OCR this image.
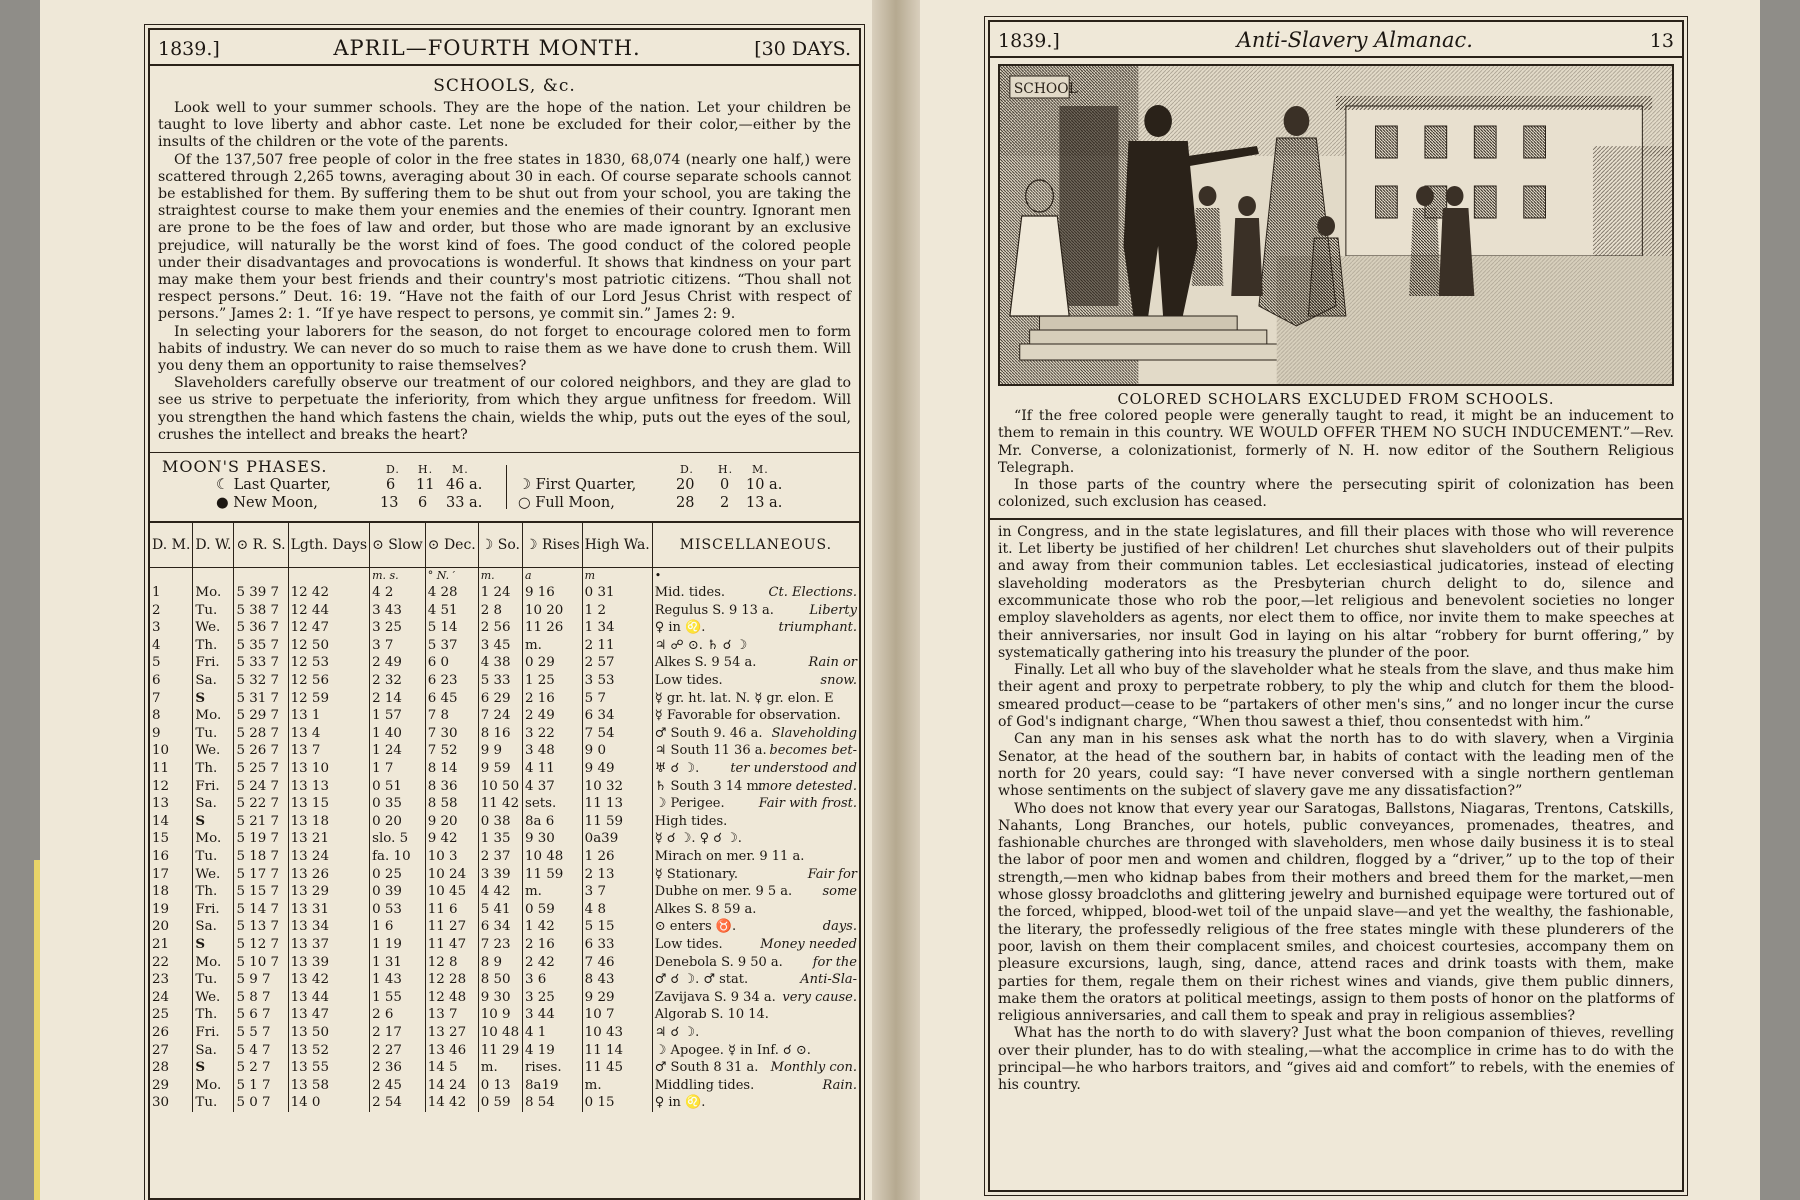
1839.]	APRIL—FOURTH MONTH.	[30 DAYS.
SCHOOLS, &c.

Look well to your summer schools. They are the hope of the nation. Let your children be taught to love liberty and abhor caste. Let none be excluded for their color,—either by the insults of the children or the vote of the parents.

Of the 137,507 free people of color in the free states in 1830, 68,074 (nearly one half,) were scattered through 2,265 towns, averaging about 30 in each. Of course separate schools cannot be established for them. By suffering them to be shut out from your school, you are taking the straightest course to make them your enemies and the enemies of their country. Ignorant men are prone to be the foes of law and order, but those who are made ignorant by an exclusive prejudice, will naturally be the worst kind of foes. The good conduct of the colored people under their disadvantages and provocations is wonderful. It shows that kindness on your part may make them your best friends and their country's most patriotic citizens. “Thou shall not respect persons.” Deut. 16: 19. “Have not the faith of our Lord Jesus Christ with respect of persons.” James 2: 1. “If ye have respect to persons, ye commit sin.” James 2: 9.

In selecting your laborers for the season, do not forget to encourage colored men to form habits of industry. We can never do so much to raise them as we have done to crush them. Will you deny them an opportunity to raise themselves?

Slaveholders carefully observe our treatment of our colored neighbors, and they are glad to see us strive to perpetuate the inferiority, from which they argue unfitness for freedom. Will you strengthen the hand which fastens the chain, wields the whip, puts out the eyes of the soul, crushes the intellect and breaks the heart?

MOON'S PHASES.	D. H. M.	D. H. M.
☾ Last Quarter,	6 11 46 a.
● New Moon,	13 6 33 a.
☽ First Quarter,	20 0 10 a.
○ Full Moon,	28 2 13 a.
D. M.	D. W.	⊙ R. S.	Lgth. Days	⊙ Slow	⊙ Dec.	☽ So.	☽ Rises	High Wa.	MISCELLANEOUS.
				m. s.	° N. ′	m.	a	m	•
1	Mo.	5 39 7	12 42	4 2	4 28	1 24	9 16	0 31	Ct. Elections.
Mid. tides.
2	Tu.	5 38 7	12 44	3 43	4 51	2 8	10 20	1 2	Liberty
Regulus S. 9 13 a.
3	We.	5 36 7	12 47	3 25	5 14	2 56	11 26	1 34	triumphant.
♀ in ♌.
4	Th.	5 35 7	12 50	3 7	5 37	3 45	m.	2 11	♃ ☍ ⊙. ♄ ☌ ☽
5	Fri.	5 33 7	12 53	2 49	6 0	4 38	0 29	2 57	Rain or
Alkes S. 9 54 a.
6	Sa.	5 32 7	12 56	2 32	6 23	5 33	1 25	3 53	snow.
Low tides.
7	S	5 31 7	12 59	2 14	6 45	6 29	2 16	5 7	☿ gr. ht. lat. N. ☿ gr. elon. E
8	Mo.	5 29 7	13 1	1 57	7 8	7 24	2 49	6 34	☿ Favorable for observation.
9	Tu.	5 28 7	13 4	1 40	7 30	8 16	3 22	7 54	Slaveholding
♂ South 9. 46 a.
10	We.	5 26 7	13 7	1 24	7 52	9 9	3 48	9 0	becomes bet-
♃ South 11 36 a.
11	Th.	5 25 7	13 10	1 7	8 14	9 59	4 11	9 49	ter understood and
♅ ☌ ☽.
12	Fri.	5 24 7	13 13	0 51	8 36	10 50	4 37	10 32	more detested.
♄ South 3 14 m.
13	Sa.	5 22 7	13 15	0 35	8 58	11 42	sets.	11 13	Fair with frost.
☽ Perigee.
14	S	5 21 7	13 18	0 20	9 20	0 38	8a 6	11 59	High tides.
15	Mo.	5 19 7	13 21	slo. 5	9 42	1 35	9 30	0a39	☿ ☌ ☽. ♀ ☌ ☽.
16	Tu.	5 18 7	13 24	fa. 10	10 3	2 37	10 48	1 26	Mirach on mer. 9 11 a.
17	We.	5 17 7	13 26	0 25	10 24	3 39	11 59	2 13	Fair for
☿ Stationary.
18	Th.	5 15 7	13 29	0 39	10 45	4 42	m.	3 7	some
Dubhe on mer. 9 5 a.
19	Fri.	5 14 7	13 31	0 53	11 6	5 41	0 59	4 8	Alkes S. 8 59 a.
20	Sa.	5 13 7	13 34	1 6	11 27	6 34	1 42	5 15	days.
⊙ enters ♉.
21	S	5 12 7	13 37	1 19	11 47	7 23	2 16	6 33	Money needed
Low tides.
22	Mo.	5 10 7	13 39	1 31	12 8	8 9	2 42	7 46	for the
Denebola S. 9 50 a.
23	Tu.	5 9 7	13 42	1 43	12 28	8 50	3 6	8 43	Anti-Sla-
♂ ☌ ☽. ♂ stat.
24	We.	5 8 7	13 44	1 55	12 48	9 30	3 25	9 29	very cause.
Zavijava S. 9 34 a.
25	Th.	5 6 7	13 47	2 6	13 7	10 9	3 44	10 7	Algorab S. 10 14.
26	Fri.	5 5 7	13 50	2 17	13 27	10 48	4 1	10 43	♃ ☌ ☽.
27	Sa.	5 4 7	13 52	2 27	13 46	11 29	4 19	11 14	☽ Apogee. ☿ in Inf. ☌ ⊙.
28	S	5 2 7	13 55	2 36	14 5	m.	rises.	11 45	Monthly con.
♂ South 8 31 a.
29	Mo.	5 1 7	13 58	2 45	14 24	0 13	8a19	m.	Rain.
Middling tides.
30	Tu.	5 0 7	14 0	2 54	14 42	0 59	8 54	0 15	♀ in ♌.
1839.]	Anti-Slavery Almanac.	13
SCHOOL
COLORED SCHOLARS EXCLUDED FROM SCHOOLS.

“If the free colored people were generally taught to read, it might be an inducement to them to remain in this country. WE WOULD OFFER THEM NO SUCH INDUCEMENT.”—Rev. Mr. Converse, a colonizationist, formerly of N. H. now editor of the Southern Religious Telegraph.

In those parts of the country where the persecuting spirit of colonization has been colonized, such exclusion has ceased.

in Congress, and in the state legislatures, and fill their places with those who will reverence it. Let liberty be justified of her children! Let churches shut slaveholders out of their pulpits and away from their communion tables. Let ecclesiastical judicatories, instead of electing slaveholding moderators as the Presbyterian church delight to do, silence and excommunicate those who rob the poor,—let religious and benevolent societies no longer employ slaveholders as agents, nor elect them to office, nor invite them to make speeches at their anniversaries, nor insult God in laying on his altar “robbery for burnt offering,” by systematically gathering into his treasury the plunder of the poor.

Finally. Let all who buy of the slaveholder what he steals from the slave, and thus make him their agent and proxy to perpetrate robbery, to ply the whip and clutch for them the blood-smeared product—cease to be “partakers of other men's sins,” and no longer incur the curse of God's indignant charge, “When thou sawest a thief, thou consentedst with him.”

Can any man in his senses ask what the north has to do with slavery, when a Virginia Senator, at the head of the southern bar, in habits of contact with the leading men of the north for 20 years, could say: “I have never conversed with a single northern gentleman whose sentiments on the subject of slavery gave me any dissatisfaction?”

Who does not know that every year our Saratogas, Ballstons, Niagaras, Trentons, Catskills, Nahants, Long Branches, our hotels, public conveyances, promenades, theatres, and fashionable churches are thronged with slaveholders, men whose daily business it is to steal the labor of poor men and women and children, flogged by a “driver,” up to the top of their strength,—men who kidnap babes from their mothers and breed them for the market,—men whose glossy broadcloths and glittering jewelry and burnished equipage were tortured out of the forced, whipped, blood-wet toil of the unpaid slave—and yet the wealthy, the fashionable, the literary, the professedly religious of the free states mingle with these plunderers of the poor, lavish on them their complacent smiles, and choicest courtesies, accompany them on pleasure excursions, laugh, sing, dance, attend races and drink toasts with them, make parties for them, regale them on their richest wines and viands, give them public dinners, make them the orators at political meetings, assign to them posts of honor on the platforms of religious anniversaries, and call them to speak and pray in religious assemblies?

What has the north to do with slavery? Just what the boon companion of thieves, revelling over their plunder, has to do with stealing,—what the accomplice in crime has to do with the principal—he who harbors traitors, and “gives aid and comfort” to rebels, with the enemies of his country.
